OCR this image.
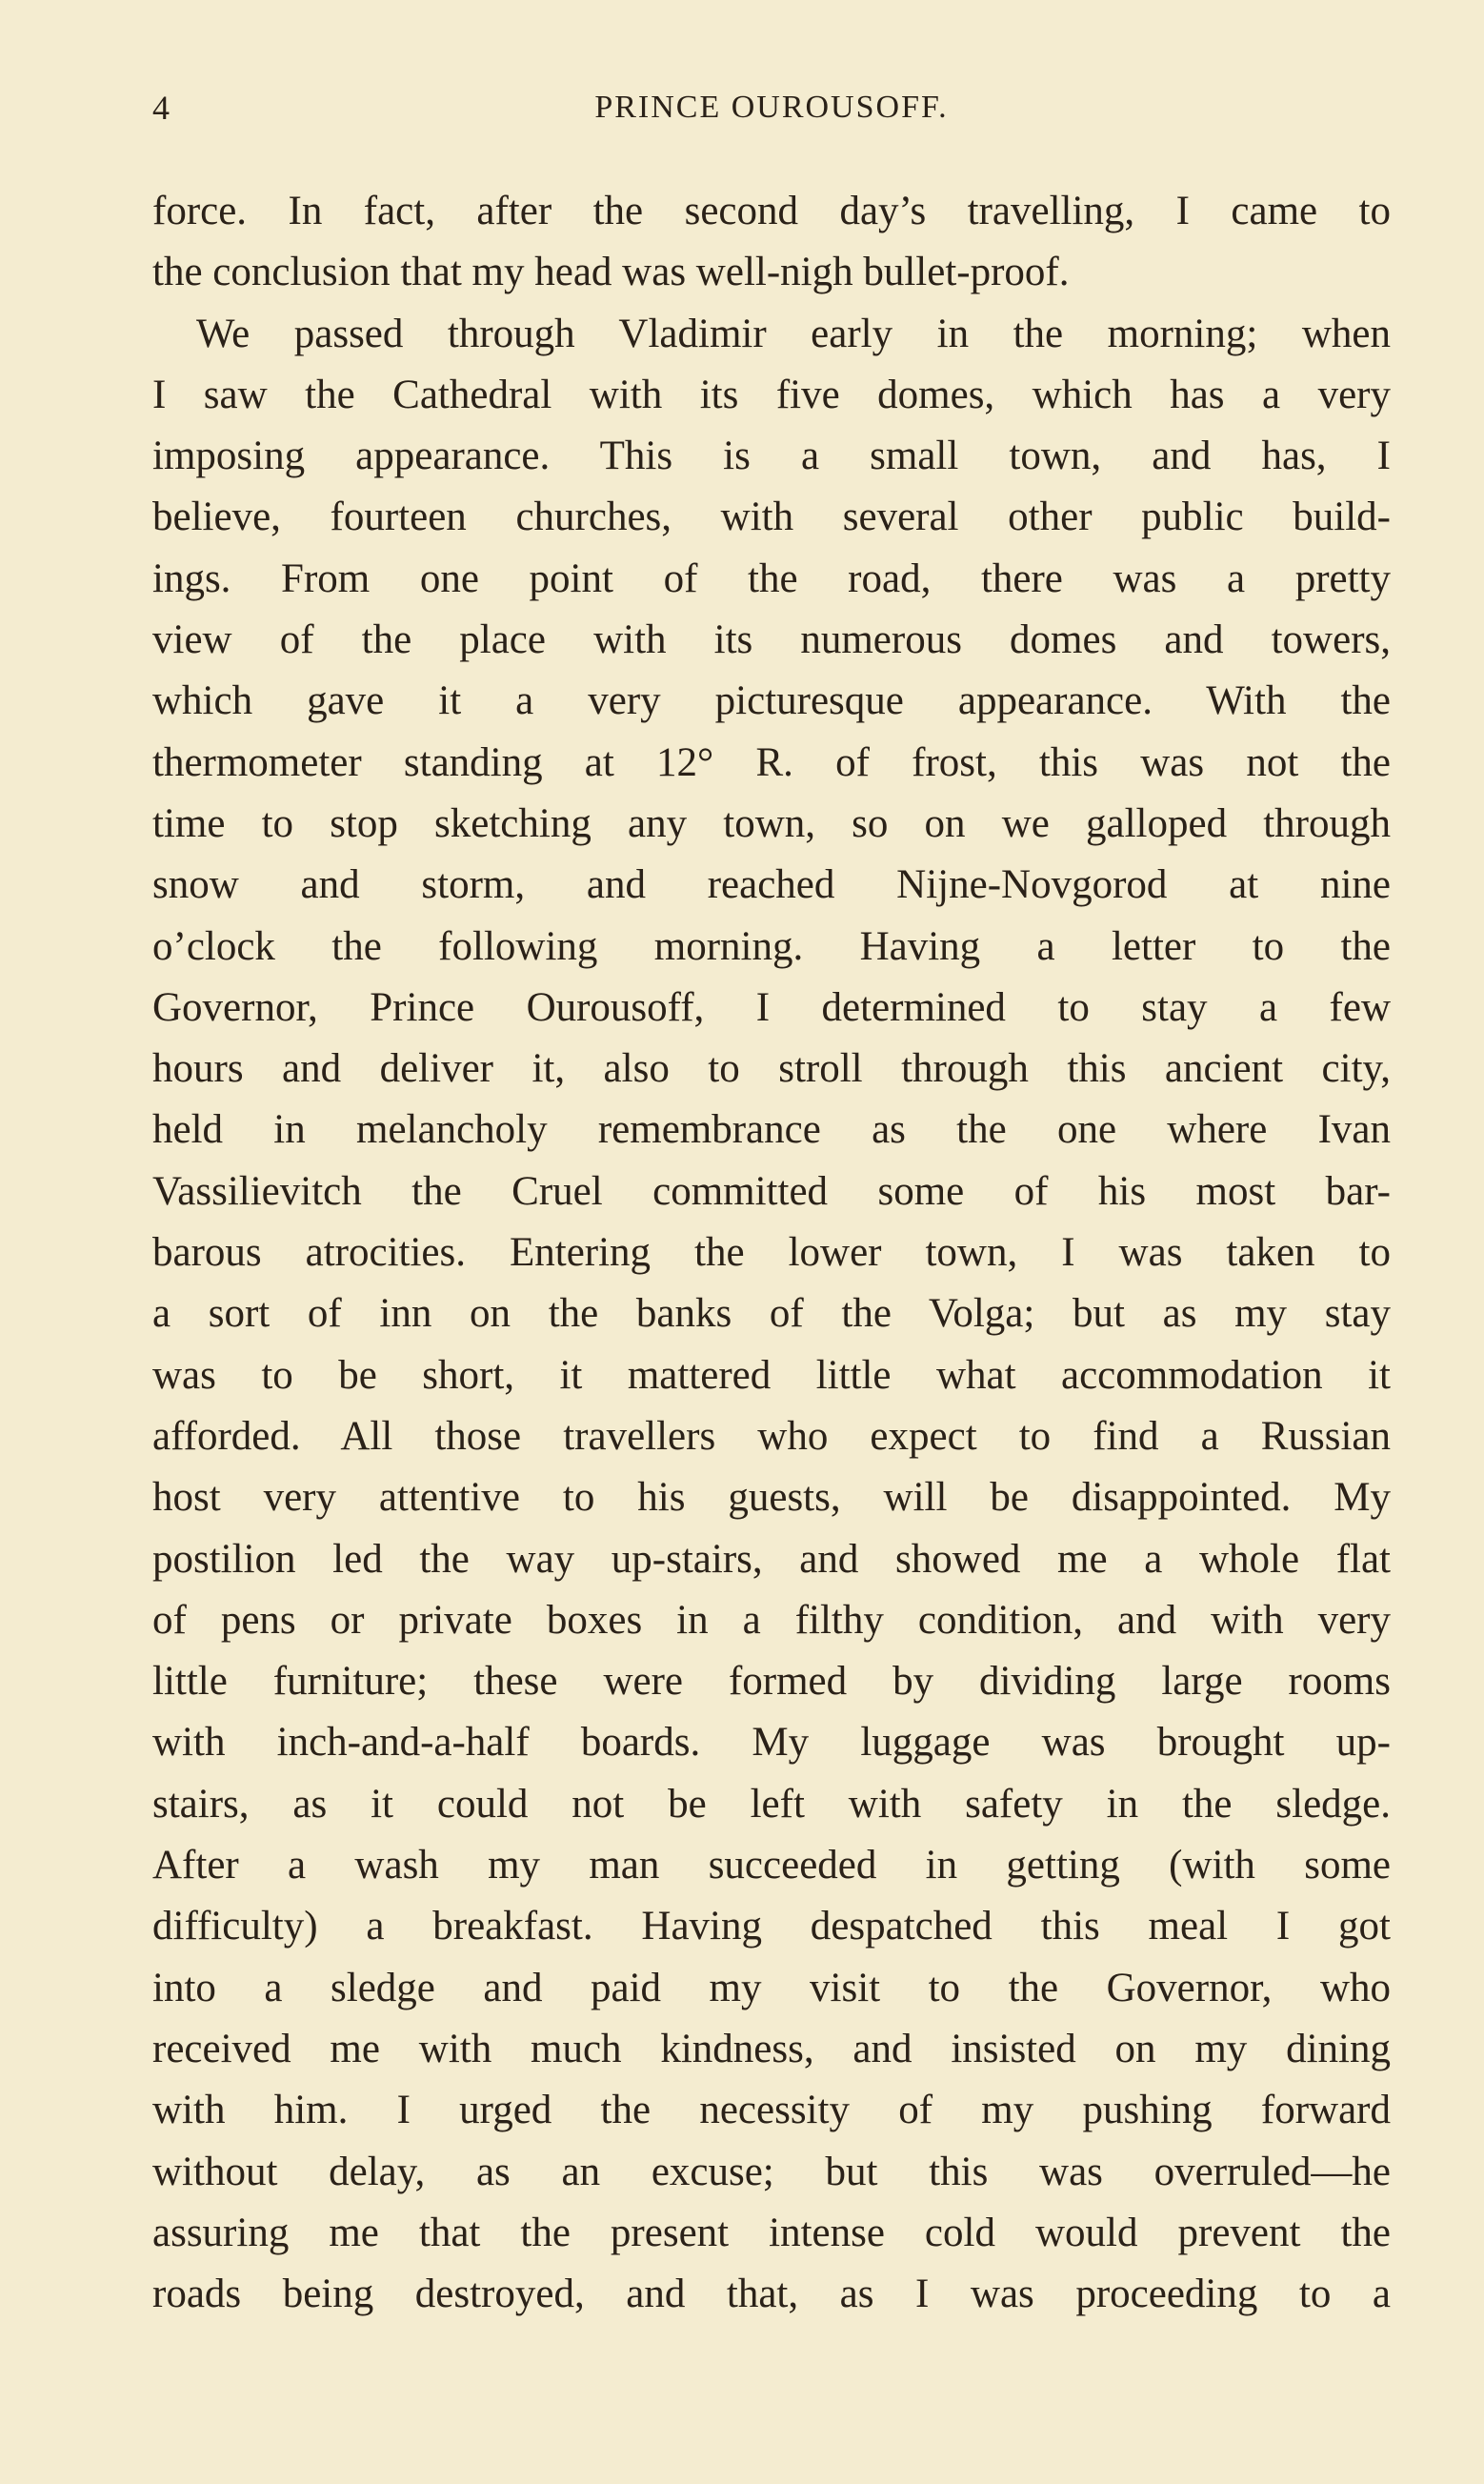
4	PRINCE OUROUSOFF.
force. In fact, after the second day’s travelling, I came to
the conclusion that my head was well-nigh bullet-proof.
We passed through Vladimir early in the morning; when
I saw the Cathedral with its five domes, which has a very
imposing appearance. This is a small town, and has, I
believe, fourteen churches, with several other public build-
ings. From one point of the road, there was a pretty
view of the place with its numerous domes and towers,
which gave it a very picturesque appearance. With the
thermometer standing at 12° R. of frost, this was not the
time to stop sketching any town, so on we galloped through
snow and storm, and reached Nijne-Novgorod at nine
o’clock the following morning. Having a letter to the
Governor, Prince Ourousoff, I determined to stay a few
hours and deliver it, also to stroll through this ancient city,
held in melancholy remembrance as the one where Ivan
Vassilievitch the Cruel committed some of his most bar-
barous atrocities. Entering the lower town, I was taken to
a sort of inn on the banks of the Volga; but as my stay
was to be short, it mattered little what accommodation it
afforded. All those travellers who expect to find a Russian
host very attentive to his guests, will be disappointed. My
postilion led the way up-stairs, and showed me a whole flat
of pens or private boxes in a filthy condition, and with very
little furniture; these were formed by dividing large rooms
with inch-and-a-half boards. My luggage was brought up-
stairs, as it could not be left with safety in the sledge.
After a wash my man succeeded in getting (with some
difficulty) a breakfast. Having despatched this meal I got
into a sledge and paid my visit to the Governor, who
received me with much kindness, and insisted on my dining
with him. I urged the necessity of my pushing forward
without delay, as an excuse; but this was overruled—he
assuring me that the present intense cold would prevent the
roads being destroyed, and that, as I was proceeding to a
